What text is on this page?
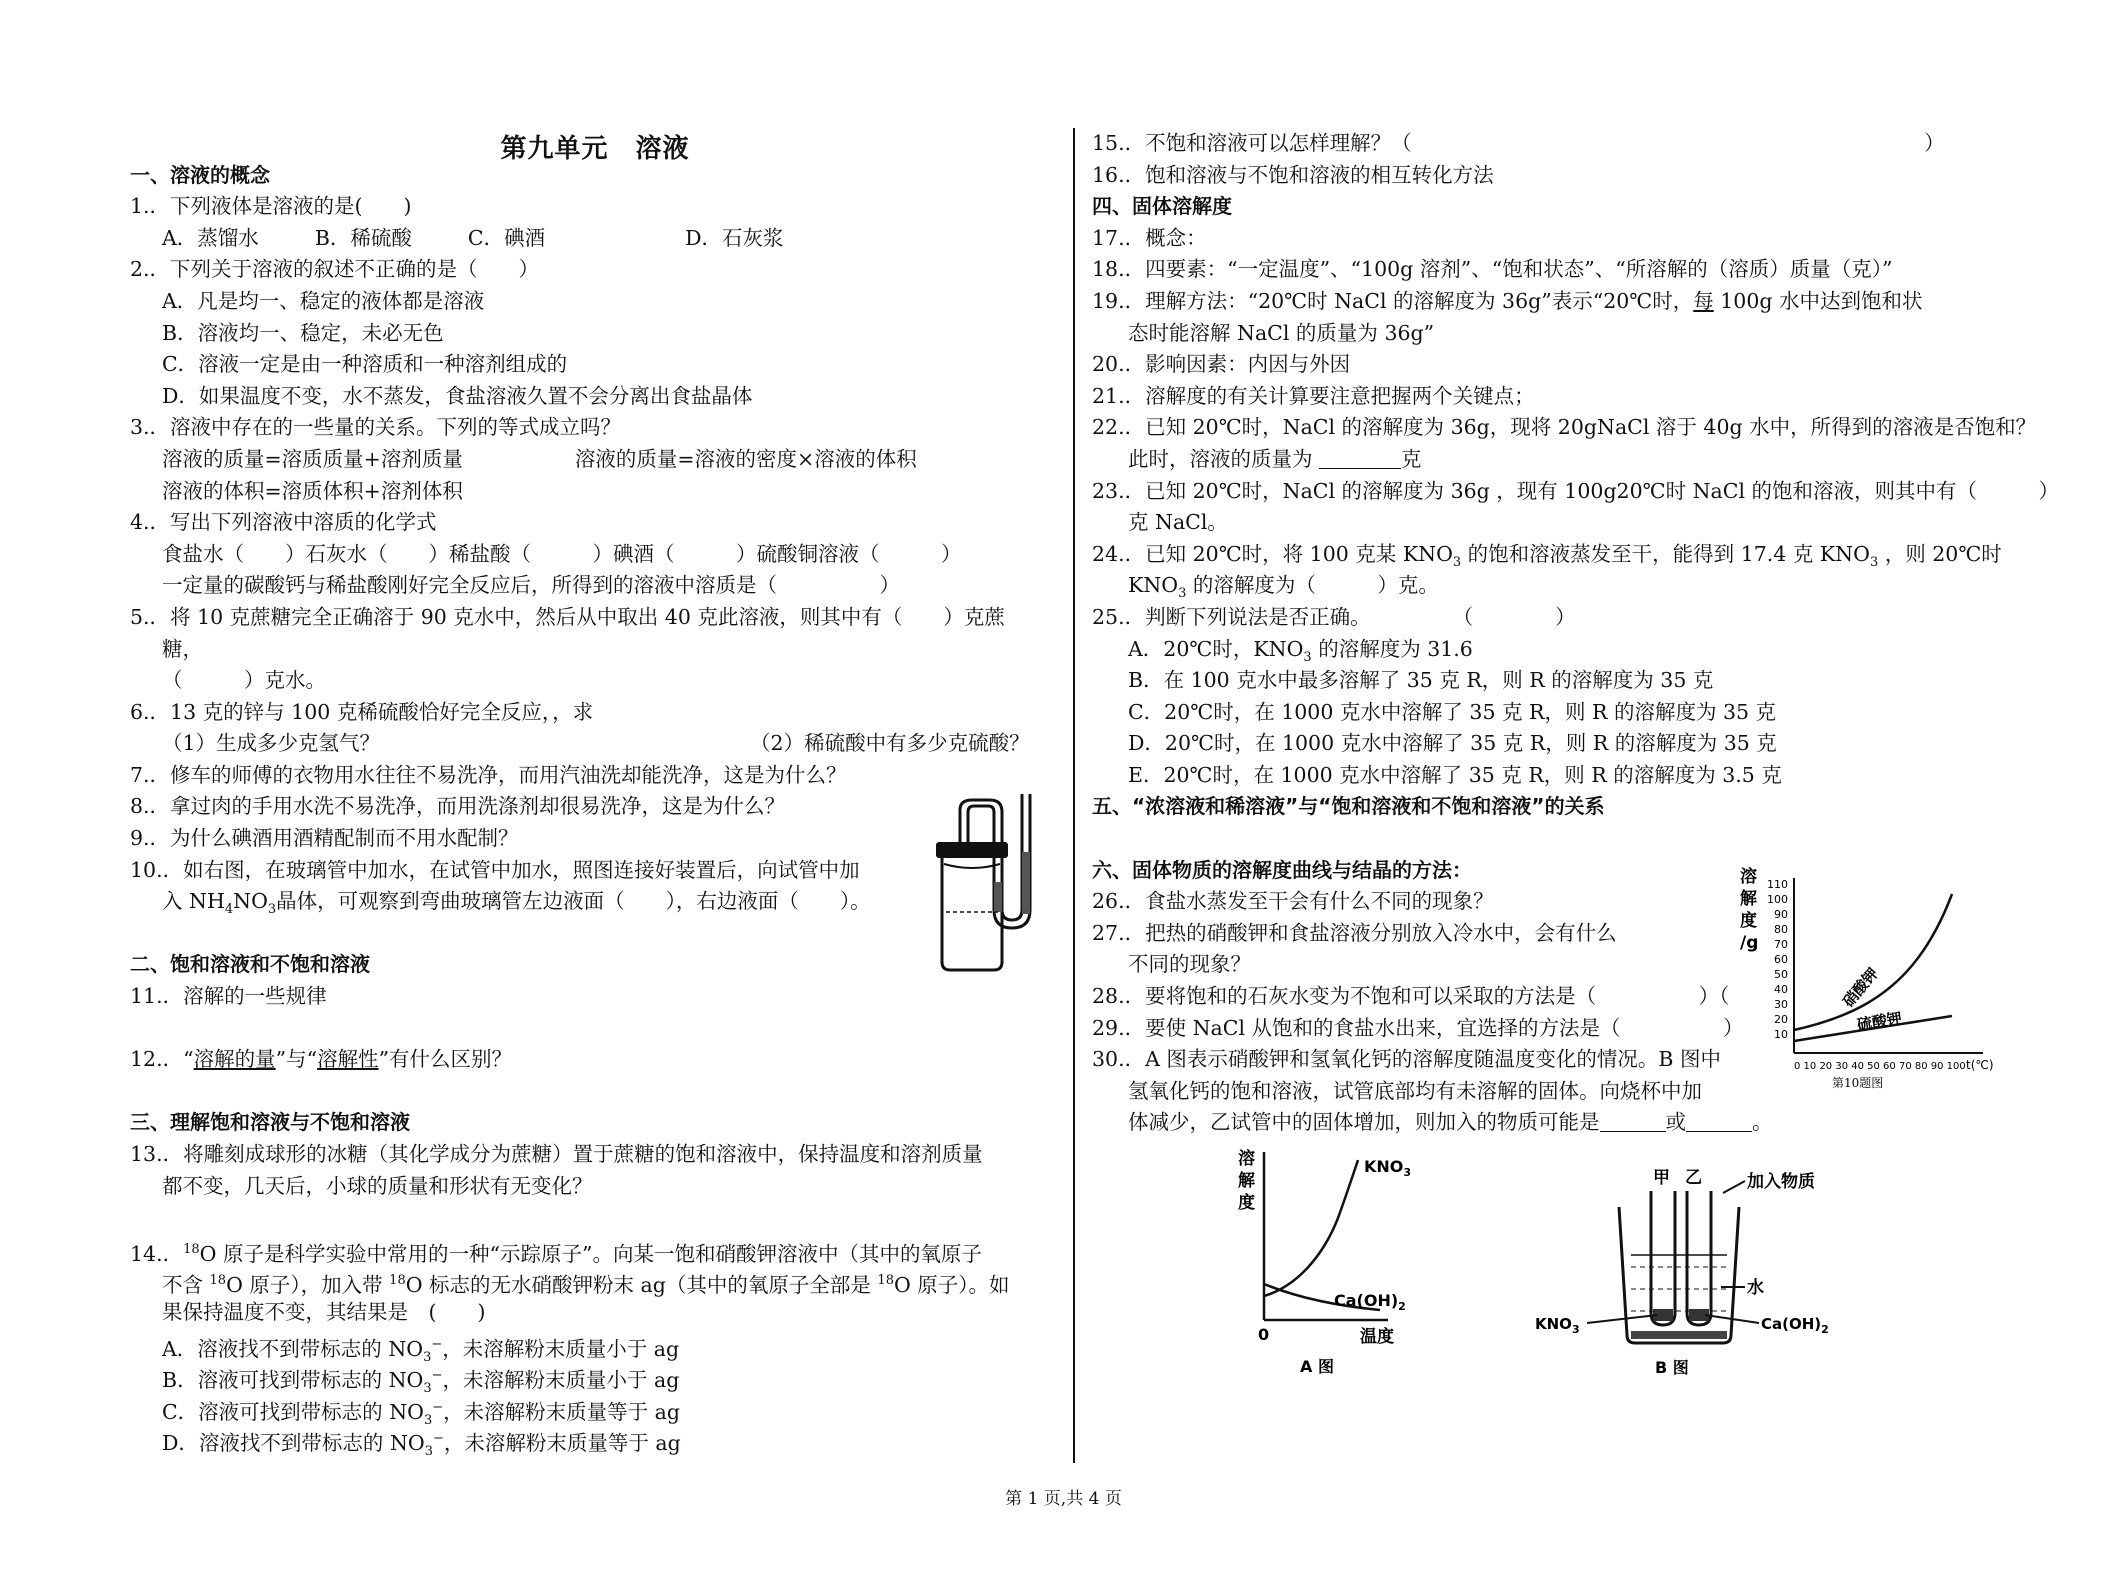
第九单元　溶液
一、溶液的概念
1.．下列液体是溶液的是(　　)
A．蒸馏水	B．稀硫酸	C．碘酒	D．石灰浆
2.．下列关于溶液的叙述不正确的是（　　）
A．凡是均一、稳定的液体都是溶液
B．溶液均一、稳定，未必无色
C．溶液一定是由一种溶质和一种溶剂组成的
D．如果温度不变，水不蒸发，食盐溶液久置不会分离出食盐晶体
3.．溶液中存在的一些量的关系。下列的等式成立吗？
溶液的质量=溶质质量+溶剂质量	溶液的质量=溶液的密度×溶液的体积
溶液的体积=溶质体积+溶剂体积
4.．写出下列溶液中溶质的化学式
食盐水（　　）石灰水（　　）稀盐酸（　　　）碘酒（　　　）硫酸铜溶液（　　　）
一定量的碳酸钙与稀盐酸刚好完全反应后，所得到的溶液中溶质是（　　　　　）
5.．将 10 克蔗糖完全正确溶于 90 克水中，然后从中取出 40 克此溶液，则其中有（　　）克蔗
糖，
（　　　）克水。
6.．13 克的锌与 100 克稀硫酸恰好完全反应，，求
（1）生成多少克氢气？	（2）稀硫酸中有多少克硫酸？
7.．修车的师傅的衣物用水往往不易洗净，而用汽油洗却能洗净，这是为什么？
8.．拿过肉的手用水洗不易洗净，而用洗涤剂却很易洗净，这是为什么？
9.．为什么碘酒用酒精配制而不用水配制？
10.．如右图，在玻璃管中加水，在试管中加水，照图连接好装置后，向试管中加
入 $NH_4NO_3$晶体，可观察到弯曲玻璃管左边液面（　　），右边液面（　　）。
二、饱和溶液和不饱和溶液
11.．溶解的一些规律
12.．“溶解的量”与“溶解性”有什么区别？
三、理解饱和溶液与不饱和溶液
13.．将雕刻成球形的冰糖（其化学成分为蔗糖）置于蔗糖的饱和溶液中，保持温度和溶剂质量
都不变，几天后，小球的质量和形状有无变化？
14.．$^{18}$O 原子是科学实验中常用的一种“示踪原子”。向某一饱和硝酸钾溶液中（其中的氧原子
不含 $^{18}$O 原子），加入带 $^{18}$O 标志的无水硝酸钾粉末 ag（其中的氧原子全部是 $^{18}$O 原子）。如
果保持温度不变，其结果是　(　　)
A．溶液找不到带标志的 $NO_3^-$，未溶解粉末质量小于 ag
B．溶液可找到带标志的 $NO_3^-$，未溶解粉末质量小于 ag
C．溶液可找到带标志的 $NO_3^-$，未溶解粉末质量等于 ag
D．溶液找不到带标志的 $NO_3^-$，未溶解粉末质量等于 ag
15.．不饱和溶液可以怎样理解？（　　　　　　　　　　　　　　　　　　　　　　　　　）
16.．饱和溶液与不饱和溶液的相互转化方法
四、固体溶解度
17.．概念：
18.．四要素：“一定温度”、“100g 溶剂”、“饱和状态”、“所溶解的（溶质）质量（克）”
19.．理解方法：“20℃时 NaCl 的溶解度为 36g”表示“20℃时，每 100g 水中达到饱和状
态时能溶解 NaCl 的质量为 36g”
20.．影响因素：内因与外因
21.．溶解度的有关计算要注意把握两个关键点；
22.．已知 20℃时，NaCl 的溶解度为 36g，现将 20gNaCl 溶于 40g 水中，所得到的溶液是否饱和？
此时，溶液的质量为	克
23.．已知 20℃时，NaCl 的溶解度为 36g ，现有 100g20℃时 NaCl 的饱和溶液，则其中有（　　　）
克 NaCl。
24.．已知 20℃时，将 100 克某 $KNO_3$ 的饱和溶液蒸发至干，能得到 17.4 克 $KNO_3$ ，则 20℃时
$KNO_3$ 的溶解度为（　　　）克。
25.．判断下列说法是否正确。　　　　　（　　　　）
A．20℃时，$KNO_3$ 的溶解度为 31.6
B．在 100 克水中最多溶解了 35 克 R，则 R 的溶解度为 35 克
C．20℃时，在 1000 克水中溶解了 35 克 R，则 R 的溶解度为 35 克
D．20℃时，在 1000 克水中溶解了 35 克 R，则 R 的溶解度为 35 克
E．20℃时，在 1000 克水中溶解了 35 克 R，则 R 的溶解度为 3.5 克
五、“浓溶液和稀溶液”与“饱和溶液和不饱和溶液”的关系
六、固体物质的溶解度曲线与结晶的方法：
26.．食盐水蒸发至干会有什么不同的现象？
27.．把热的硝酸钾和食盐溶液分别放入冷水中，会有什么
不同的现象？
28.．要将饱和的石灰水变为不饱和可以采取的方法是（　　　　　）（
29.．要使 NaCl 从饱和的食盐水出来，宜选择的方法是（　　　　　）
30.．A 图表示硝酸钾和氢氧化钙的溶解度随温度变化的情况。B 图中
氢氧化钙的饱和溶液，试管底部均有未溶解的固体。向烧杯中加
体减少，乙试管中的固体增加，则加入的物质可能是	或	。
溶
解
度
/g
110
100
90
80
70
60
50
40
30
20
10
硝酸钾
硫酸钾
0 10 20 30 40 50 60 70 80 90 100 t(℃)
第10题图
溶
解
度
$KNO_3$
$Ca(OH)_2$
0	温度
A 图
甲 乙	加入物质
水
$KNO_3$	$Ca(OH)_2$
B 图
第 1 页,共 4 页
